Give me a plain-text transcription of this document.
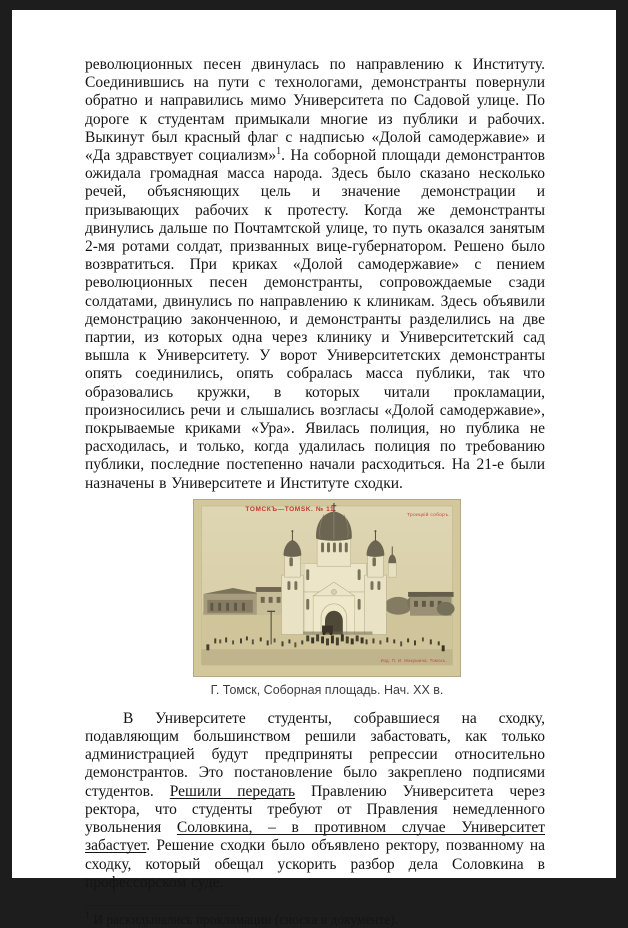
революционных песен двинулась по направлению к Институту. Соединившись на пути с технологами, демонстранты повернули обратно и направились мимо Университета по Садовой улице. По дороге к студентам примыкали многие из публики и рабочих. Выкинут был красный флаг с надписью «Долой самодержавие» и «Да здравствует социализм»$^1$. На соборной площади демонстрантов ожидала громадная масса народа. Здесь было сказано несколько речей, объясняющих цель и значение демонстрации и призывающих рабочих к протесту. Когда же демонстранты двинулись дальше по Почтамтской улице, то путь оказался занятым 2-мя ротами солдат, призванных вице-губернатором. Решено было возвратиться. При криках «Долой самодержавие» с пением революционных песен демонстранты, сопровождаемые сзади солдатами, двинулись по направлению к клиникам. Здесь объявили демонстрацию законченною, и демонстранты разделились на две партии, из которых одна через клинику и Университетский сад вышла к Университету. У ворот Университетских демонстранты опять соединились, опять собралась масса публики, так что образовались кружки, в которых читали прокламации, произносились речи и слышались возгласы «Долой самодержавие», покрываемые криками «Ура». Явилась полиция, но публика не расходилась, и только, когда удалилась полиция по требованию публики, последние постепенно начали расходиться. На 21-е были назначены в Университете и Институте сходки.

ТОМСКЪ—TOMSK. № 11.
Троицкій соборъ.
Изд. П. И. Макушина. Томскъ.
Г. Томск, Соборная площадь. Нач. XX в.

В Университете студенты, собравшиеся на сходку, подавляющим большинством решили забастовать, как только администрацией будут предприняты репрессии относительно демонстрантов. Это постановление было закреплено подписями студентов. Решили передать Правлению Университета через ректора, что студенты требуют от Правления немедленного увольнения Соловкина, – в противном случае Университет забастует. Решение сходки было объявлено ректору, позванному на сходку, который обещал ускорить разбор дела Соловкина в профессорском суде.

$^1$ И раскидывались прокламации (сноска в документе).
